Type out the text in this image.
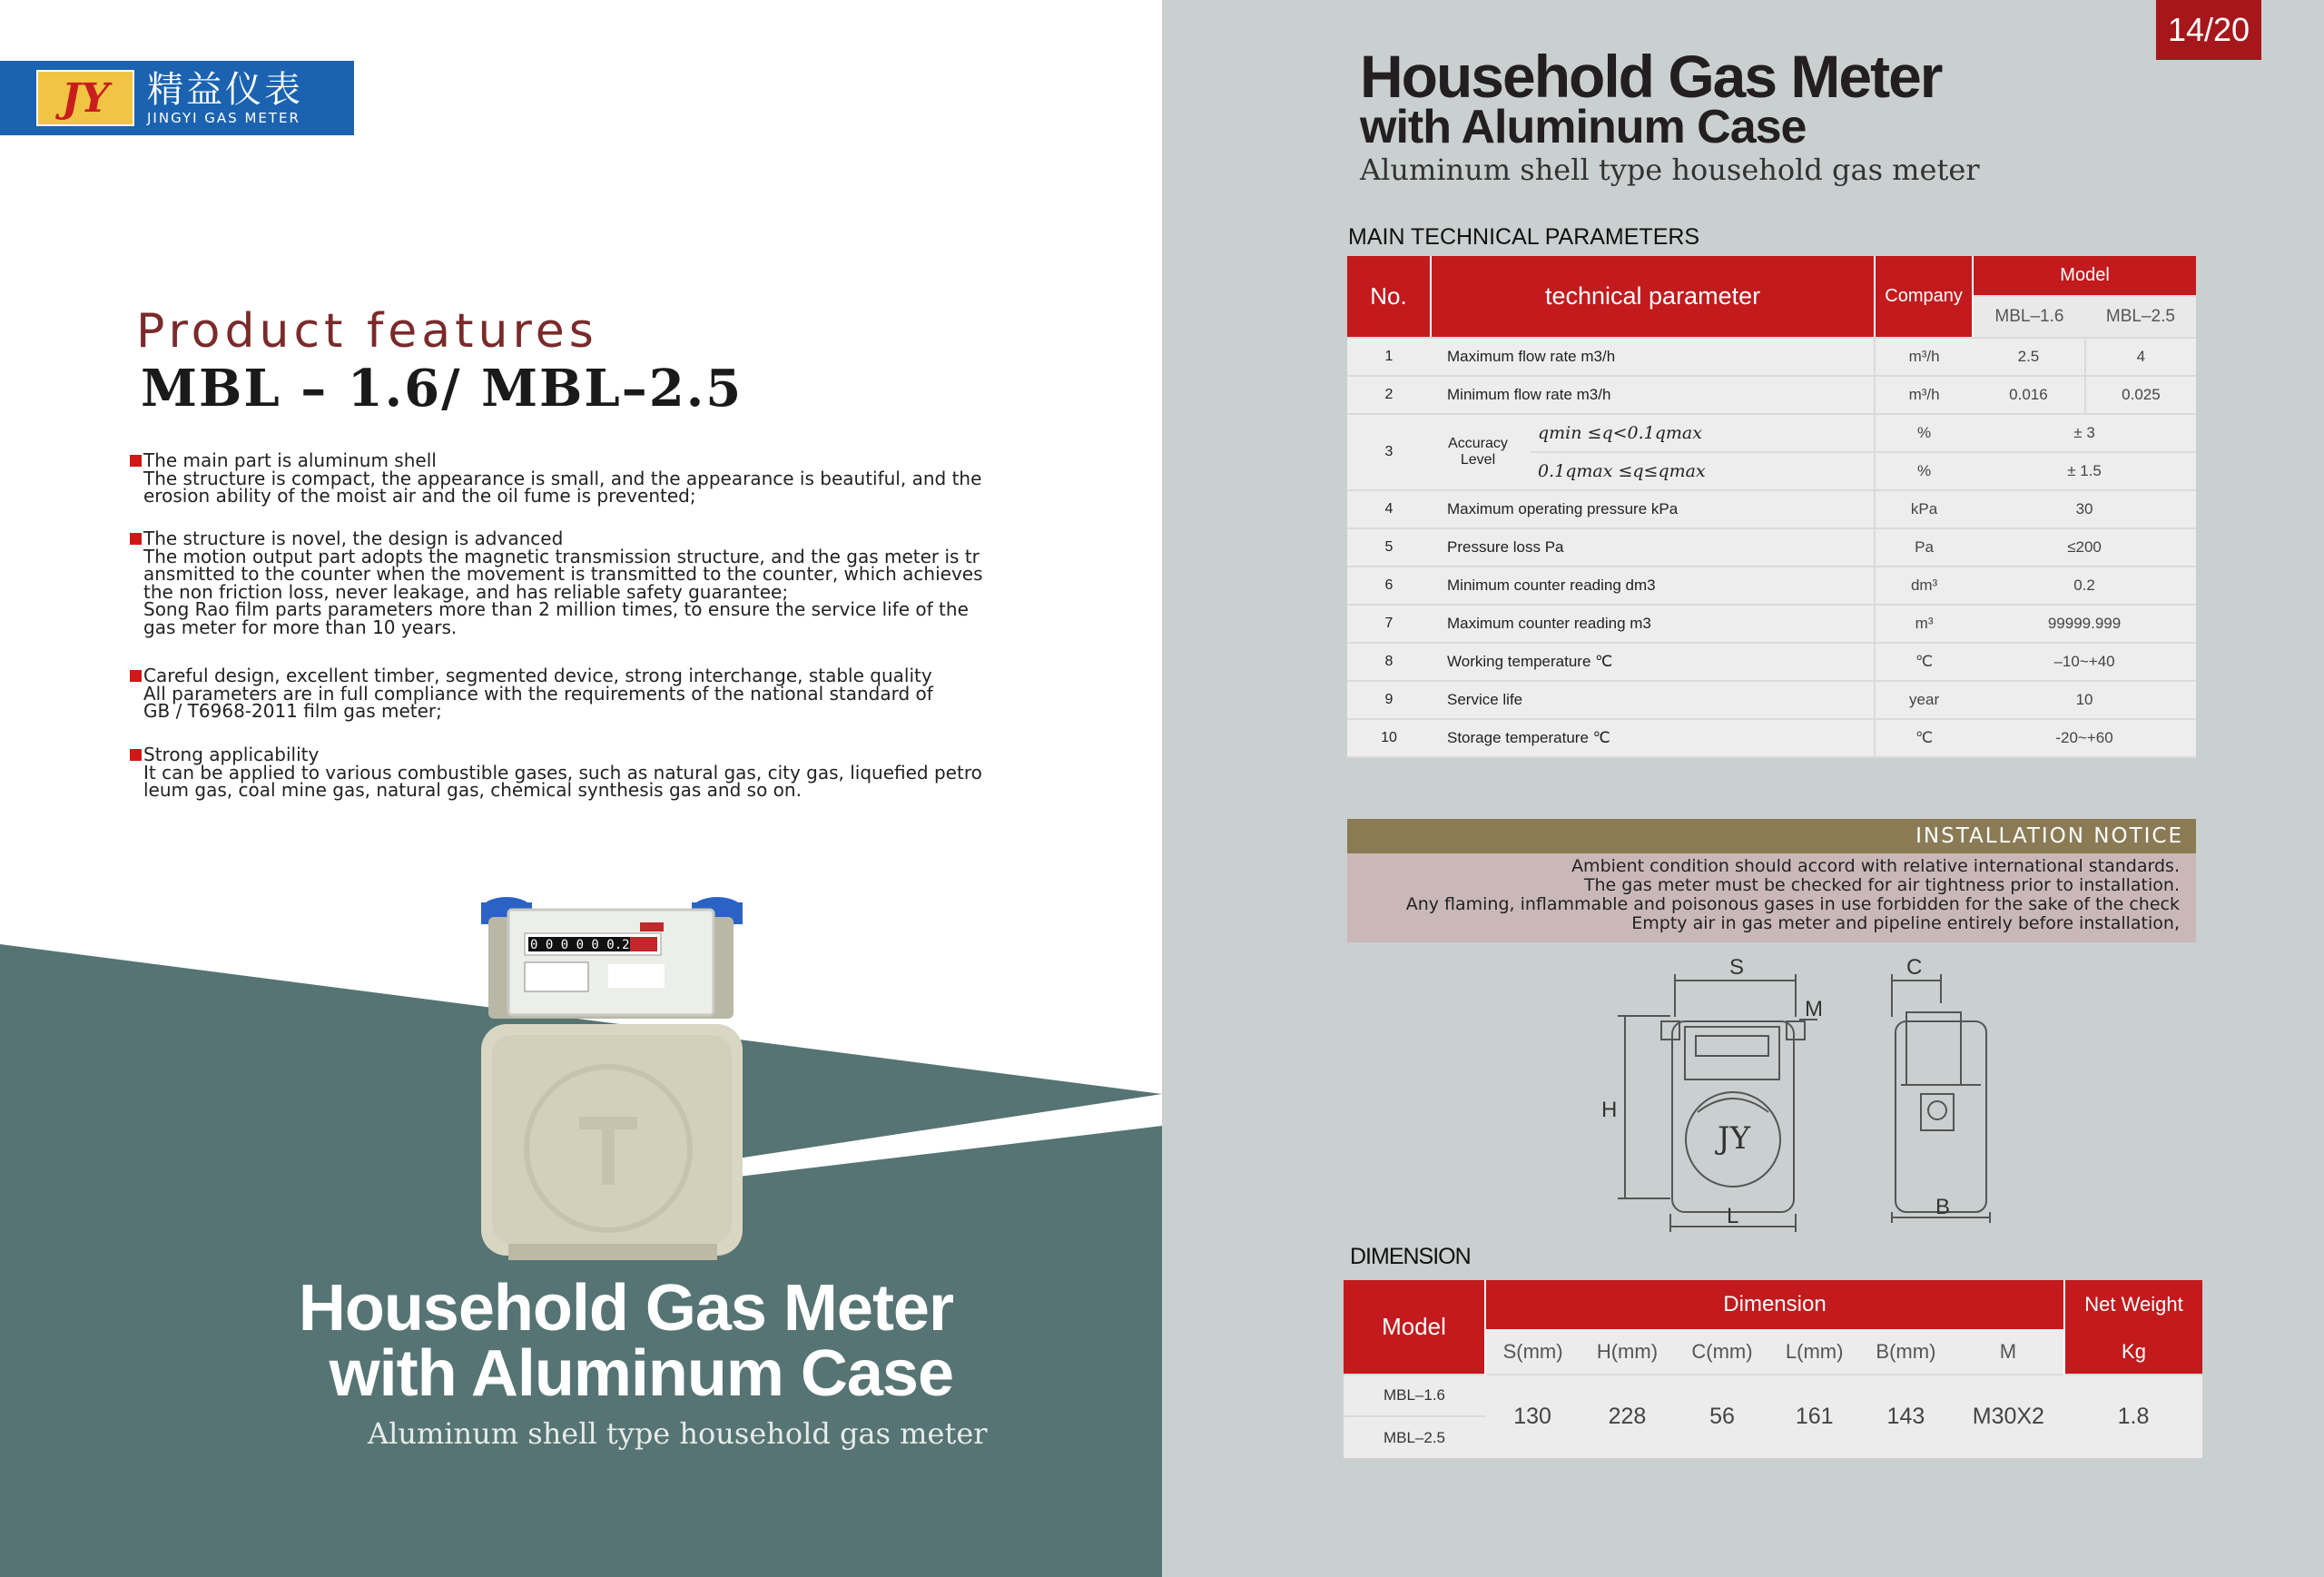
JY	精益仪表
JINGYI GAS METER
Product features
MBL – 1.6/ MBL–2.5

The main part is aluminum shell

The structure is compact, the appearance is small, and the appearance is beautiful, and the

erosion ability of the moist air and the oil fume is prevented;

The structure is novel, the design is advanced

The motion output part adopts the magnetic transmission structure, and the gas meter is tr

ansmitted to the counter when the movement is transmitted to the counter, which achieves

the non friction loss, never leakage, and has reliable safety guarantee;

Song Rao film parts parameters more than 2 million times, to ensure the service life of the

gas meter for more than 10 years.

Careful design, excellent timber, segmented device, strong interchange, stable quality

All parameters are in full compliance with the requirements of the national standard of

GB / T6968-2011 film gas meter;

Strong applicability

It can be applied to various combustible gases, such as natural gas, city gas, liquefied petro

leum gas, coal mine gas, natural gas, chemical synthesis gas and so on.

0 0 0 0 0 0.2
Household Gas Meter
with Aluminum Case
Aluminum shell type household gas meter
14/20
Household Gas Meter
with Aluminum Case
Aluminum shell type household gas meter
MAIN TECHNICAL PARAMETERS
No.	technical parameter		Company	Model	
				MBL–1.6	MBL–2.5
1	Maximum flow rate m3/h		m³/h	2.5	4
2	Minimum flow rate m3/h		m³/h	0.016	0.025
3	Accuracy
Level	qmin ≤q<0.1qmax	%	± 3	
		0.1qmax ≤q≤qmax	%	± 1.5	
4	Maximum operating pressure kPa		kPa	30	
5	Pressure loss Pa		Pa	≤200	
6	Minimum counter reading dm3		dm³	0.2	
7	Maximum counter reading m3		m³	99999.999	
8	Working temperature ℃		℃	–10~+40	
9	Service life		year	10	
10	Storage temperature ℃		℃	-20~+60	
INSTALLATION NOTICE
Ambient condition should accord with relative international standards.
The gas meter must be checked for air tightness prior to installation.
Any flaming, inflammable and poisonous gases in use forbidden for the sake of the check
Empty air in gas meter and pipeline entirely before installation,
S
M
H
L
C
B
JY
DIMENSION
Model	Dimension						Net Weight
	S(mm)	H(mm)	C(mm)	L(mm)	B(mm)	M	Kg
MBL–1.6	130	228	56	161	143	M30X2	1.8
MBL–2.5							
